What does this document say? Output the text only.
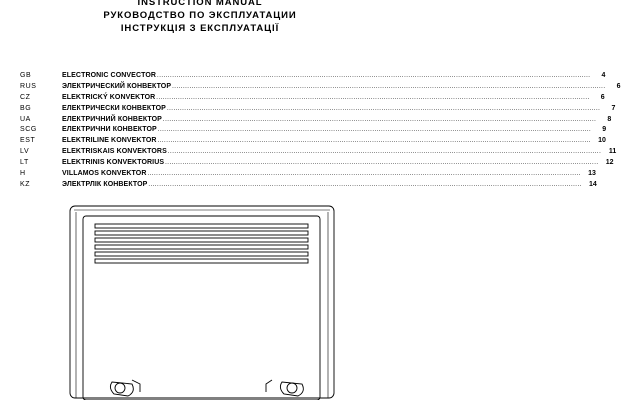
INSTRUCTION MANUAL
РУКОВОДСТВО ПО ЭКСПЛУАТАЦИИ
ІНСТРУКЦІЯ З ЕКСПЛУАТАЦІЇ
GB	ELECTRONIC CONVECTOR ........................................................................................................................................................................................................	4
RUS	ЭЛЕКТРИЧЕСКИЙ КОНВЕКТОР ........................................................................................................................................................................................................	6
CZ	ELEKTRICKÝ KONVEKTOR ........................................................................................................................................................................................................	6
BG	ЕЛЕКТРИЧЕСКИ КОНВЕКТОР ........................................................................................................................................................................................................	7
UA	ЕЛЕКТРИЧНИЙ КОНВЕКТОР ........................................................................................................................................................................................................	8
SCG	ЕЛЕКТРИЧНИ КОНВЕКТОР ........................................................................................................................................................................................................	9
EST	ELEKTRILINE KONVEKTOR ........................................................................................................................................................................................................	10
LV	ELEKTRISKAIS KONVEKTORS ........................................................................................................................................................................................................	11
LT	ELEKTRINIS KONVEKTORIUS ........................................................................................................................................................................................................	12
H	VILLAMOS KONVEKTOR ........................................................................................................................................................................................................	13
KZ	ЭЛЕКТРЛІК КОНВЕКТОР ........................................................................................................................................................................................................	14
